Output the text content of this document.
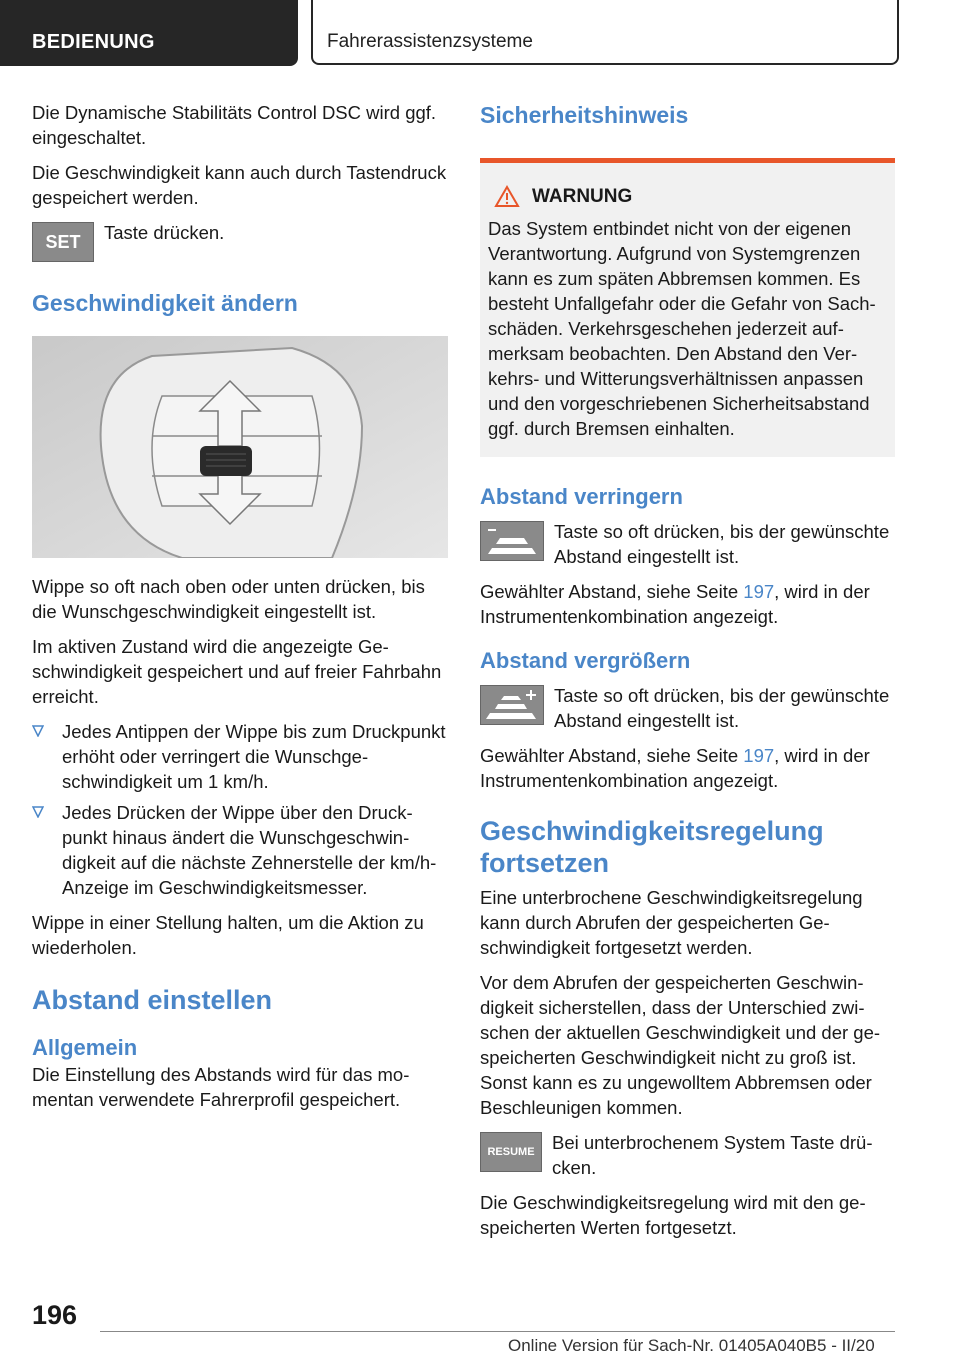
BEDIENUNG	Fahrerassistenzsysteme

Die Dynamische Stabilitäts Control DSC wird ggf. eingeschaltet.

Die Geschwindigkeit kann auch durch Tastendruck gespeichert werden.

SET	Taste drücken.

Geschwindigkeit ändern

Wippe so oft nach oben oder unten drücken, bis die Wunschgeschwindigkeit eingestellt ist.

Im aktiven Zustand wird die angezeigte Geschwindigkeit gespeichert und auf freier Fahrbahn erreicht.

Jedes Antippen der Wippe bis zum Druckpunkt erhöht oder verringert die Wunschgeschwindigkeit um 1 km/h.
Jedes Drücken der Wippe über den Druckpunkt hinaus ändert die Wunschgeschwindigkeit auf die nächste Zehnerstelle der km/h-Anzeige im Geschwindigkeitsmesser.

Wippe in einer Stellung halten, um die Aktion zu wiederholen.

Abstand einstellen
Allgemein

Die Einstellung des Abstands wird für das momentan verwendete Fahrerprofil gespeichert.

Sicherheitshinweis
WARNUNG

Das System entbindet nicht von der eigenen Verantwortung. Aufgrund von Systemgrenzen kann es zum späten Abbremsen kommen. Es besteht Unfallgefahr oder die Gefahr von Sachschäden. Verkehrsgeschehen jederzeit aufmerksam beobachten. Den Abstand den Verkehrs- und Witterungsverhältnissen anpassen und den vorgeschriebenen Sicherheitsabstand ggf. durch Bremsen einhalten.

Abstand verringern

Taste so oft drücken, bis der gewünschte Abstand eingestellt ist.

Gewählter Abstand, siehe Seite 197, wird in der Instrumentenkombination angezeigt.

Abstand vergrößern

Taste so oft drücken, bis der gewünschte Abstand eingestellt ist.

Gewählter Abstand, siehe Seite 197, wird in der Instrumentenkombination angezeigt.

Geschwindigkeitsregelung fortsetzen

Eine unterbrochene Geschwindigkeitsregelung kann durch Abrufen der gespeicherten Geschwindigkeit fortgesetzt werden.

Vor dem Abrufen der gespeicherten Geschwindigkeit sicherstellen, dass der Unterschied zwischen der aktuellen Geschwindigkeit und der gespeicherten Geschwindigkeit nicht zu groß ist. Sonst kann es zu ungewolltem Abbremsen oder Beschleunigen kommen.

RESUME Bei unterbrochenem System Taste drücken.

Die Geschwindigkeitsregelung wird mit den gespeicherten Werten fortgesetzt.

196
Online Version für Sach-Nr. 01405A040B5 - II/20
